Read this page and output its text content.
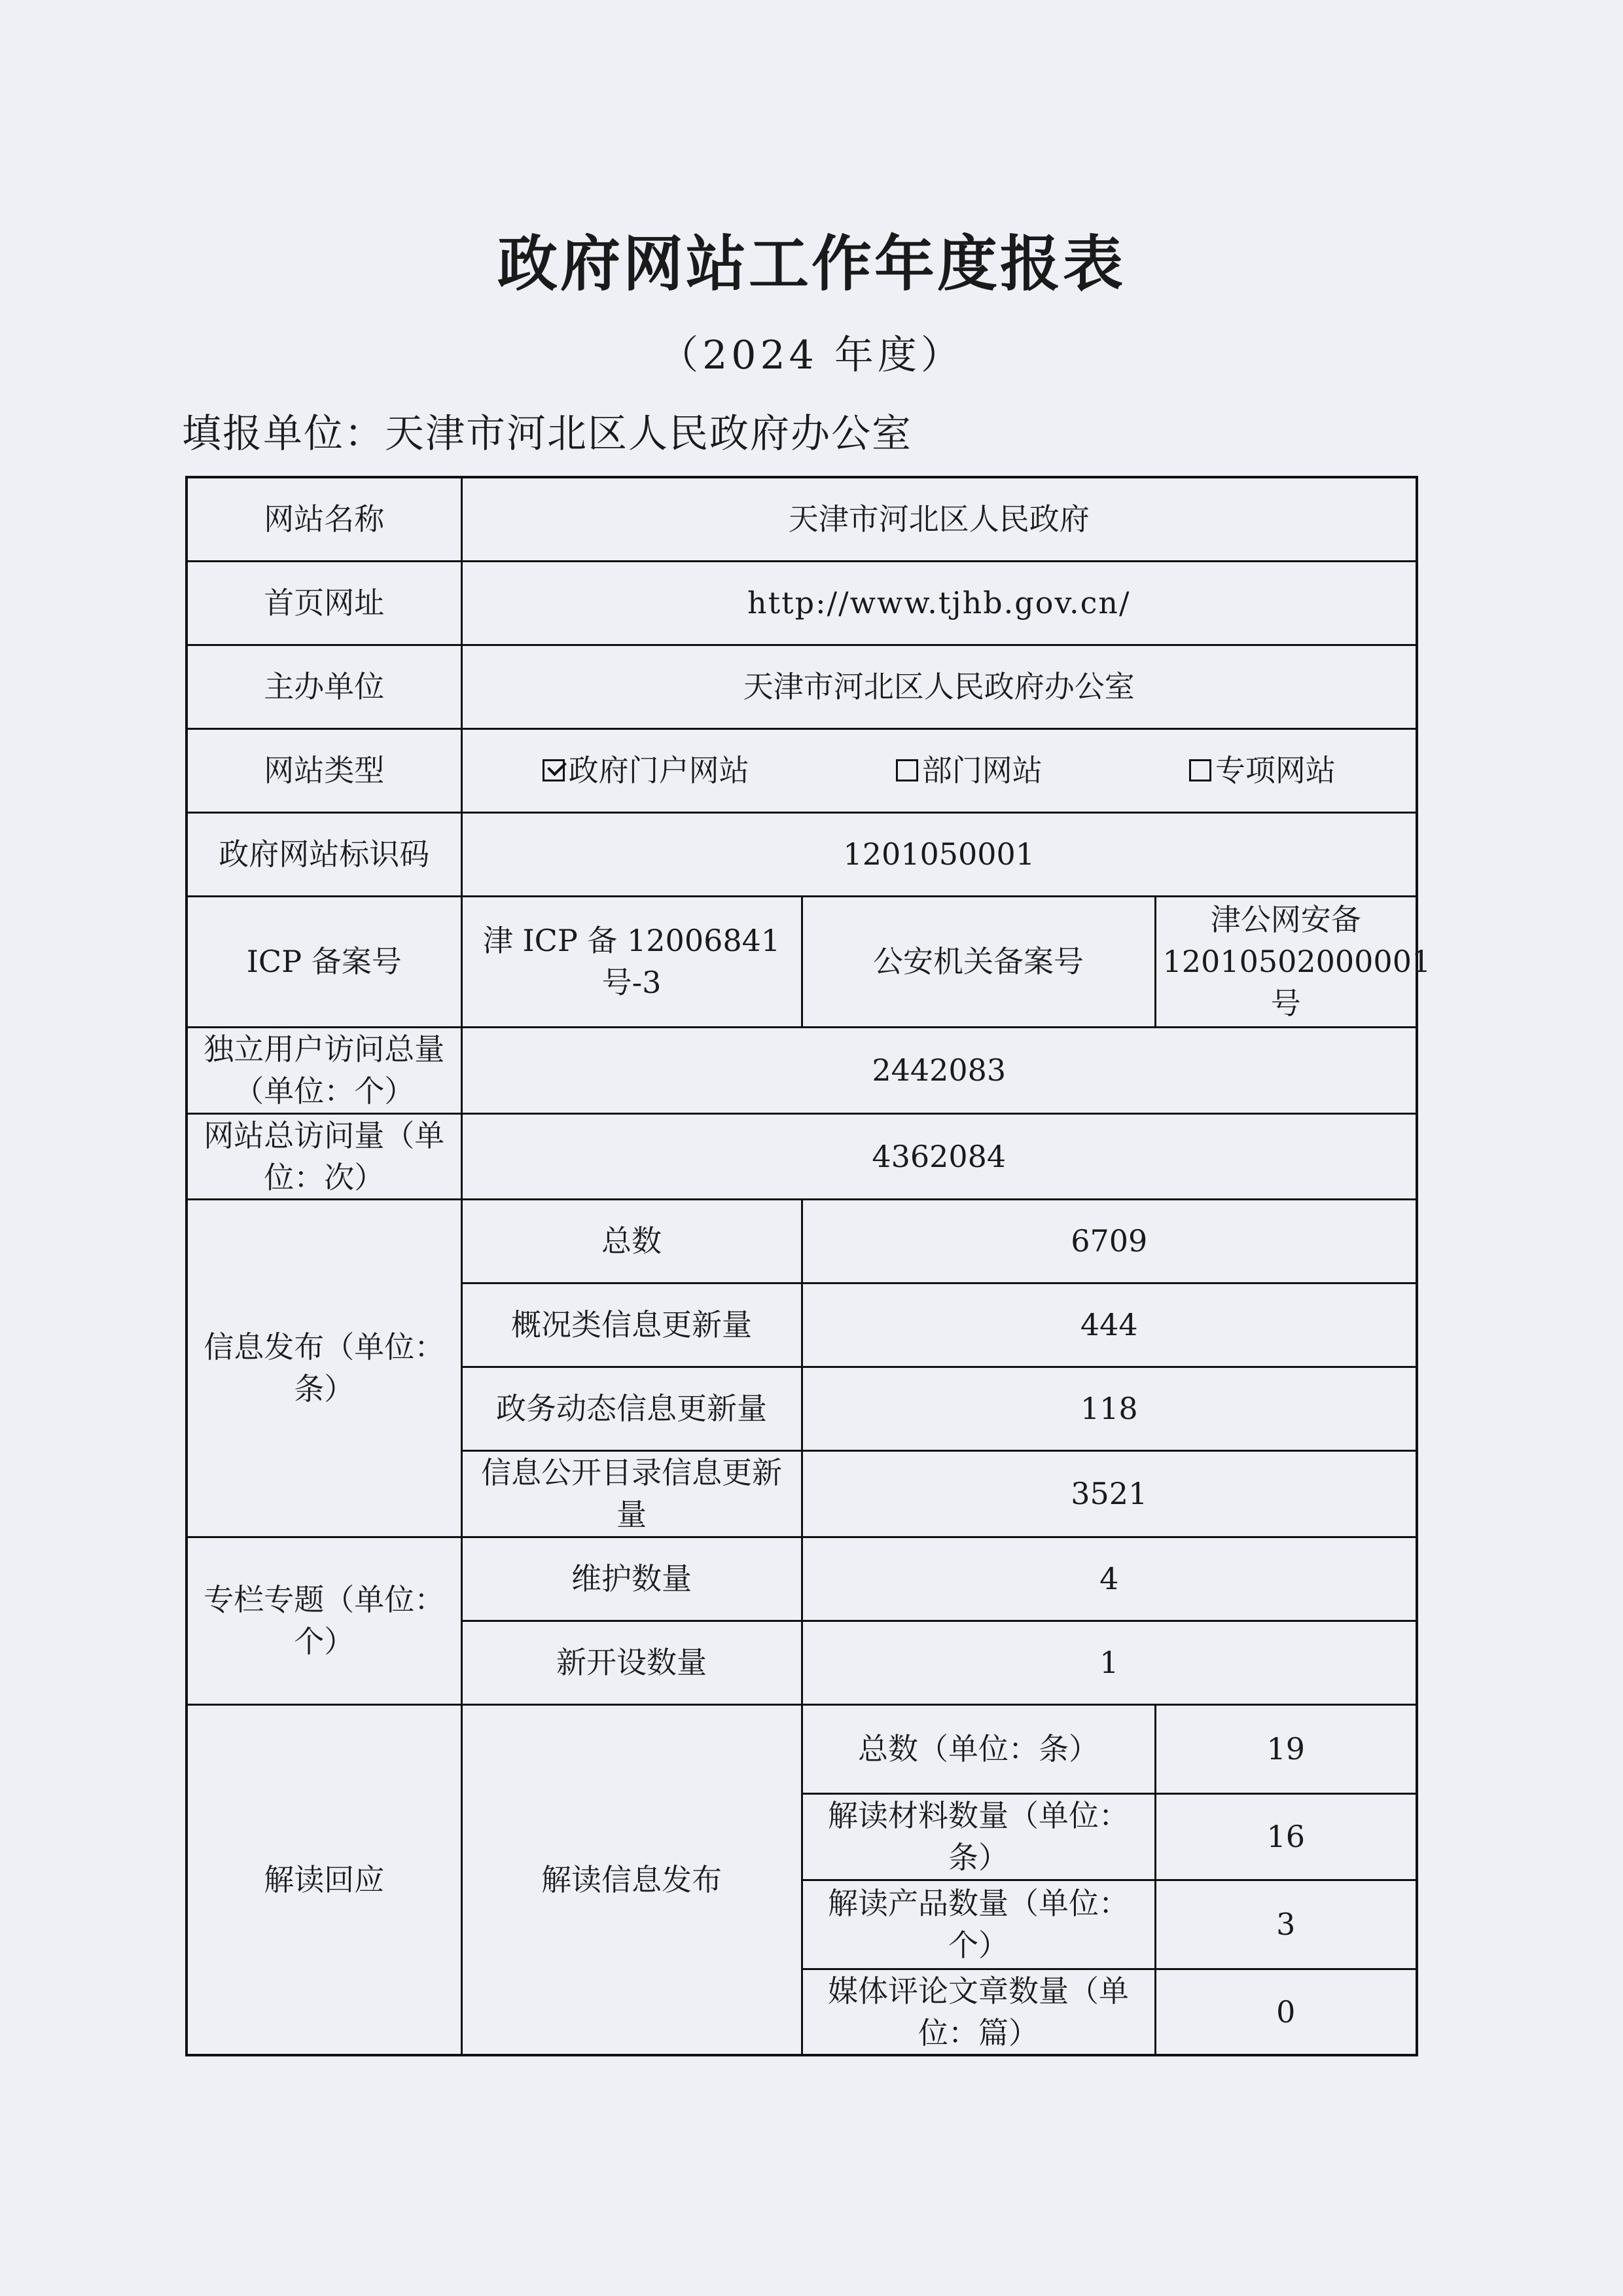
政府网站工作年度报表
（2024 年度）
填报单位：天津市河北区人民政府办公室
网站名称	天津市河北区人民政府		
首页网址	http://www.tjhb.gov.cn/		
主办单位	天津市河北区人民政府办公室		
网站类型	政府门户网站 部门网站 专项网站		

政府网站标识码	1201050001		
ICP 备案号	津 ICP 备 12006841 号-3	公安机关备案号	津公网安备 12010502000001 号
独立用户访问总量（单位：个）	2442083		
网站总访问量（单位：次）	4362084		
信息发布（单位：条）	总数	6709	
	概况类信息更新量	444	
	政务动态信息更新量	118	
	信息公开目录信息更新量	3521	
专栏专题（单位：个）	维护数量	4	
	新开设数量	1	
解读回应	解读信息发布	总数（单位：条）	19
		解读材料数量（单位：条）	16
		解读产品数量（单位：个）	3
		媒体评论文章数量（单位：篇）	0
